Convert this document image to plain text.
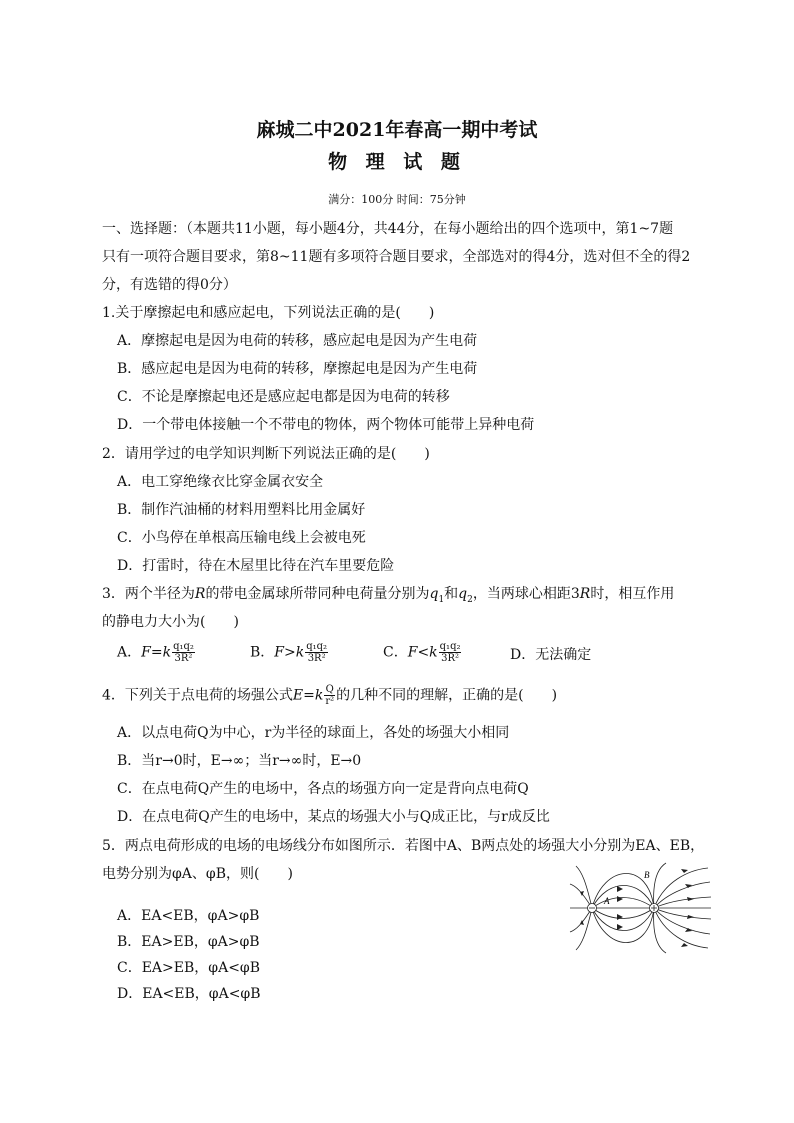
麻城二中2021年春高一期中考试
物 理 试 题
满分：100分 时间：75分钟
一、选择题：（本题共11小题，每小题4分，共44分，在每小题给出的四个选项中，第1~7题
只有一项符合题目要求，第8~11题有多项符合题目要求，全部选对的得4分，选对但不全的得2
分，有选错的得0分）
1.关于摩擦起电和感应起电，下列说法正确的是(　　)
A．摩擦起电是因为电荷的转移，感应起电是因为产生电荷
B．感应起电是因为电荷的转移，摩擦起电是因为产生电荷
C．不论是摩擦起电还是感应起电都是因为电荷的转移
D．一个带电体接触一个不带电的物体，两个物体可能带上异种电荷
2．请用学过的电学知识判断下列说法正确的是(　　)
A．电工穿绝缘衣比穿金属衣安全
B．制作汽油桶的材料用塑料比用金属好
C．小鸟停在单根高压输电线上会被电死
D．打雷时，待在木屋里比待在汽车里要危险
3．两个半径为R的带电金属球所带同种电荷量分别为$q_1$和$q_2$，当两球心相距3R时，相互作用
的静电力大小为(　　)
A．$F=k \frac{\text{q₁q₂}}{\text{3R²}}$	B．$F>k \frac{\text{q₁q₂}}{\text{3R²}}$	C．$F<k \frac{\text{q₁q₂}}{\text{3R²}}$	D．无法确定
4．下列关于点电荷的场强公式$E=k \frac{Q}{\text{r²}}$ 的几种不同的理解，正确的是(　　)
A．以点电荷Q为中心，r为半径的球面上，各处的场强大小相同
B．当r→0时，E→∞；当r→∞时，E→0
C．在点电荷Q产生的电场中，各点的场强方向一定是背向点电荷Q
D．在点电荷Q产生的电场中，某点的场强大小与Q成正比，与r成反比
5．两点电荷形成的电场的电场线分布如图所示．若图中A、B两点处的场强大小分别为EA、EB，
电势分别为φA、φB，则(　　)
A．EA<EB，φA>φB
B．EA>EB，φA>φB
C．EA>EB，φA<φB
D．EA<EB，φA<φB
B
A
